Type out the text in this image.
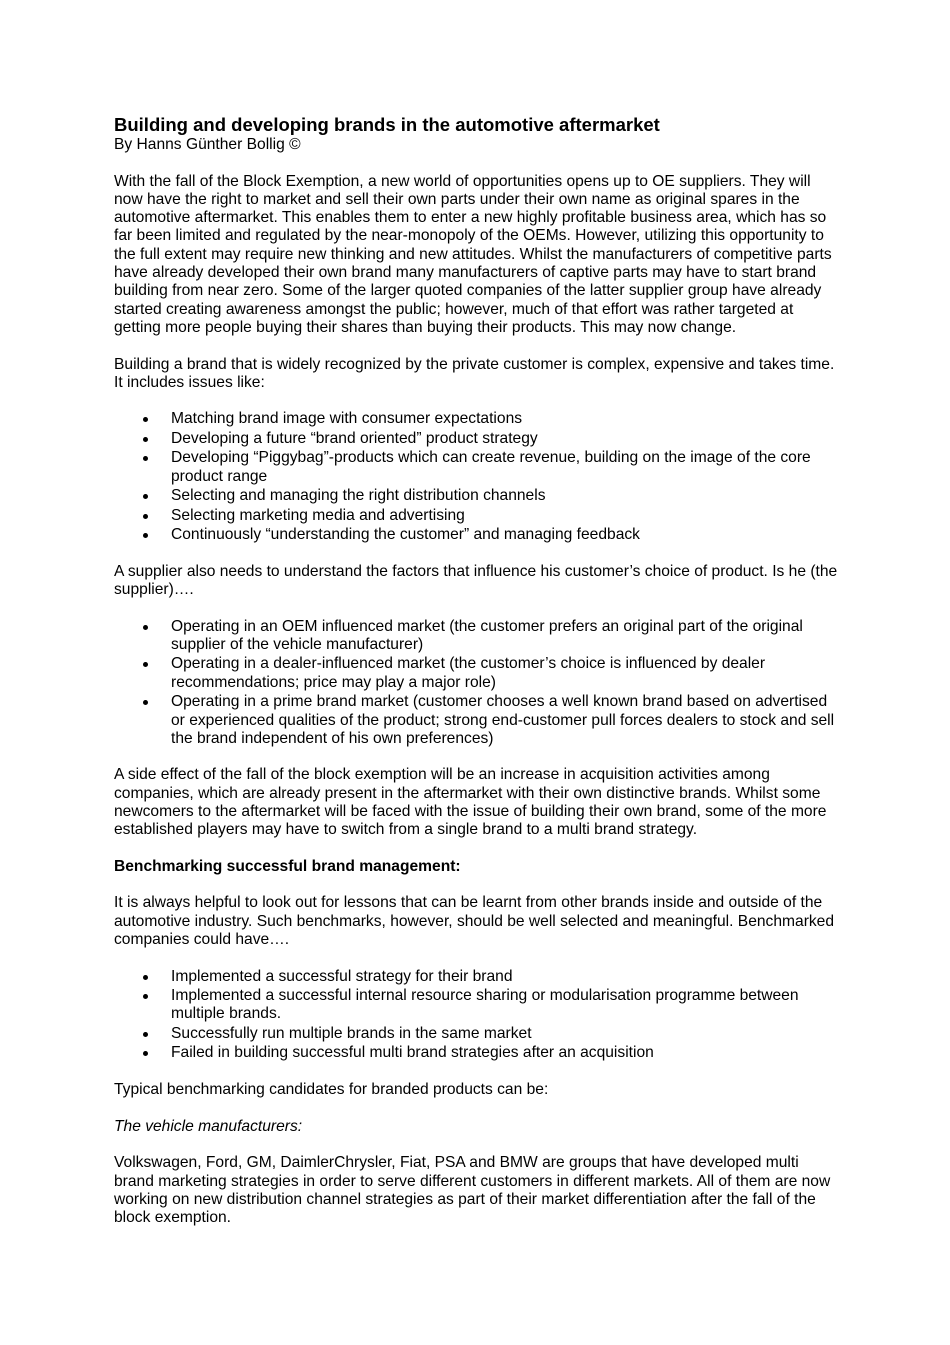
Building and developing brands in the automotive aftermarket

By Hanns Günther Bollig ©

With the fall of the Block Exemption, a new world of opportunities opens up to OE suppliers. They will now have the right to market and sell their own parts under their own name as original spares in the automotive aftermarket. This enables them to enter a new highly profitable business area, which has so far been limited and regulated by the near-monopoly of the OEMs. However, utilizing this opportunity to the full extent may require new thinking and new attitudes. Whilst the manufacturers of competitive parts have already developed their own brand many manufacturers of captive parts may have to start brand building from near zero. Some of the larger quoted companies of the latter supplier group have already started creating awareness amongst the public; however, much of that effort was rather targeted at getting more people buying their shares than buying their products. This may now change.

Building a brand that is widely recognized by the private customer is complex, expensive and takes time. It includes issues like:

Matching brand image with consumer expectations
Developing a future “brand oriented” product strategy
Developing “Piggybag”-products which can create revenue, building on the image of the core product range
Selecting and managing the right distribution channels
Selecting marketing media and advertising
Continuously “understanding the customer” and managing feedback

A supplier also needs to understand the factors that influence his customer’s choice of product. Is he (the supplier)….

Operating in an OEM influenced market (the customer prefers an original part of the original supplier of the vehicle manufacturer)
Operating in a dealer-influenced market (the customer’s choice is influenced by dealer recommendations; price may play a major role)
Operating in a prime brand market (customer chooses a well known brand based on advertised or experienced qualities of the product; strong end-customer pull forces dealers to stock and sell the brand independent of his own preferences)

A side effect of the fall of the block exemption will be an increase in acquisition activities among companies, which are already present in the aftermarket with their own distinctive brands. Whilst some newcomers to the aftermarket will be faced with the issue of building their own brand, some of the more established players may have to switch from a single brand to a multi brand strategy.

Benchmarking successful brand management:

It is always helpful to look out for lessons that can be learnt from other brands inside and outside of the automotive industry. Such benchmarks, however, should be well selected and meaningful. Benchmarked companies could have….

Implemented a successful strategy for their brand
Implemented a successful internal resource sharing or modularisation programme between multiple brands.
Successfully run multiple brands in the same market
Failed in building successful multi brand strategies after an acquisition

Typical benchmarking candidates for branded products can be:

The vehicle manufacturers:

Volkswagen, Ford, GM, DaimlerChrysler, Fiat, PSA and BMW are groups that have developed multi brand marketing strategies in order to serve different customers in different markets. All of them are now working on new distribution channel strategies as part of their market differentiation after the fall of the block exemption.
